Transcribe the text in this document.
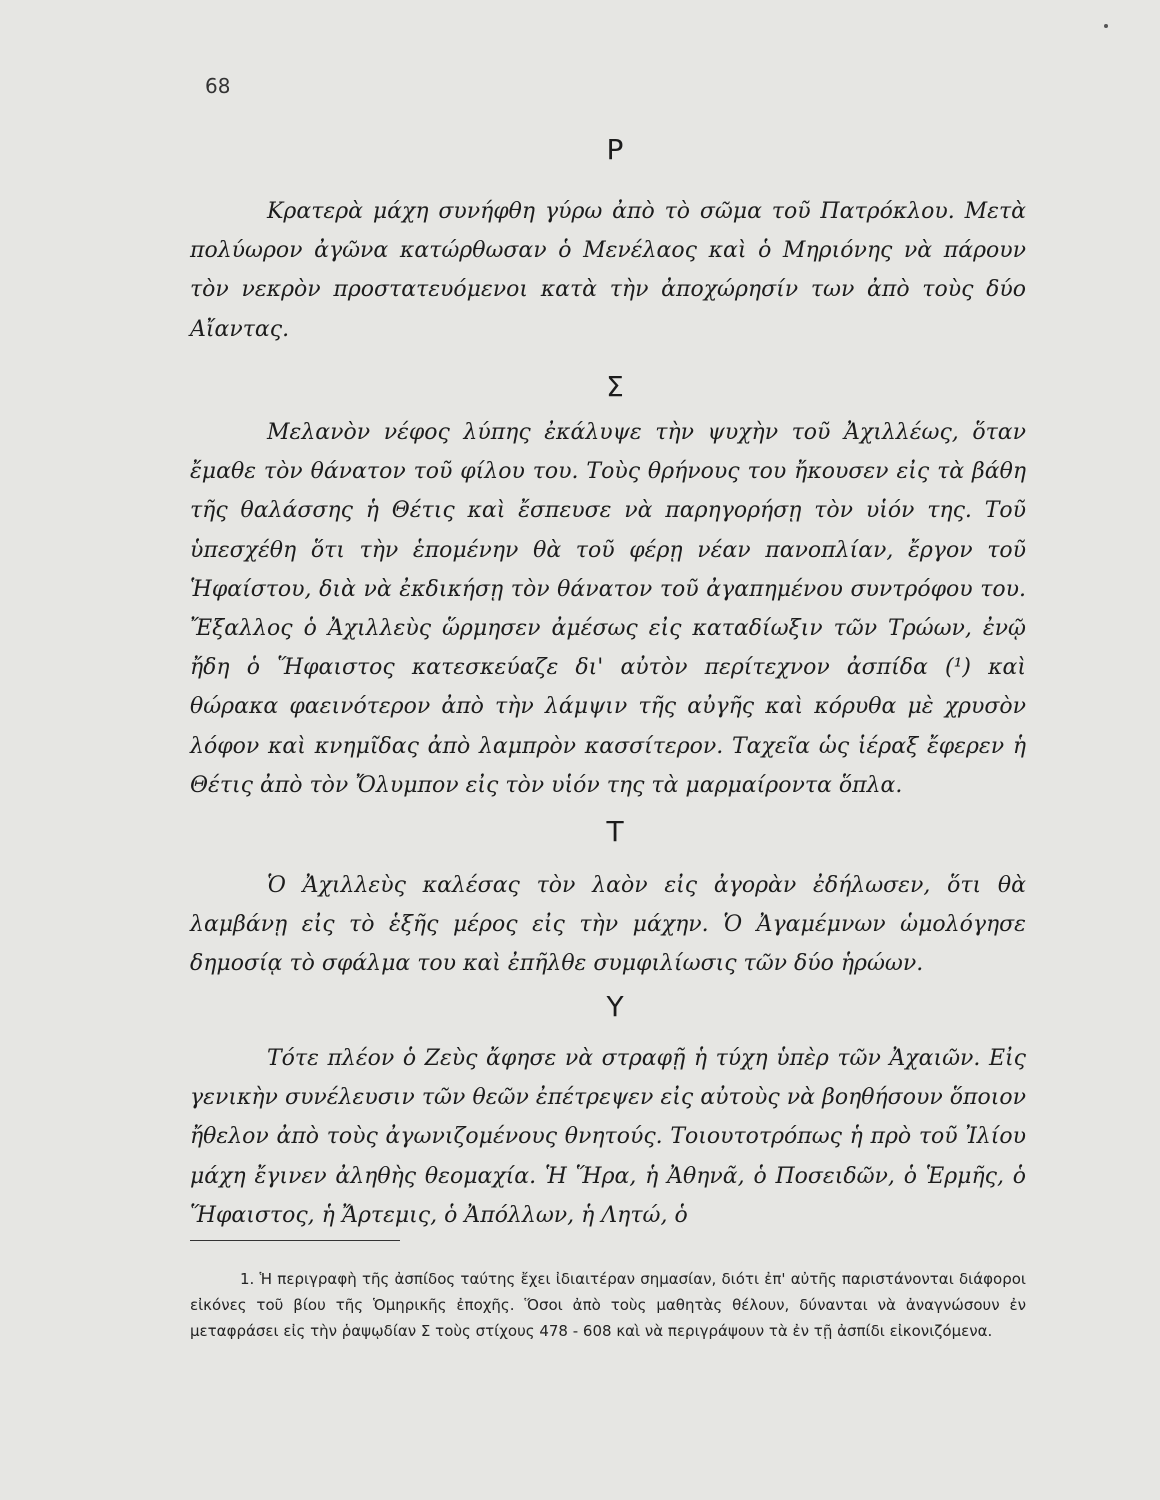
68
Ρ

Κρατερὰ μάχη συνήφθη γύρω ἀπὸ τὸ σῶμα τοῦ Πατρόκλου. Μετὰ πολύωρον ἀγῶνα κατώρθωσαν ὁ Μενέλαος καὶ ὁ Μηριόνης νὰ πάρουν τὸν νεκρὸν προστατευόμενοι κατὰ τὴν ἀποχώρησίν των ἀπὸ τοὺς δύο Αἴαντας.

Σ

Μελανὸν νέφος λύπης ἐκάλυψε τὴν ψυχὴν τοῦ Ἀχιλλέως, ὅταν ἔμαθε τὸν θάνατον τοῦ φίλου του. Τοὺς θρήνους του ἤκουσεν εἰς τὰ βάθη τῆς θαλάσσης ἡ Θέτις καὶ ἔσπευσε νὰ παρηγορήσῃ τὸν υἱόν της. Τοῦ ὑπεσχέθη ὅτι τὴν ἑπομένην θὰ τοῦ φέρῃ νέαν πανοπλίαν, ἔργον τοῦ Ἡφαίστου, διὰ νὰ ἐκδικήσῃ τὸν θάνατον τοῦ ἀγαπημένου συντρόφου του. Ἔξαλλος ὁ Ἀχιλλεὺς ὥρμησεν ἀμέσως εἰς καταδίωξιν τῶν Τρώων, ἐνῷ ἤδη ὁ Ἥφαιστος κατεσκεύαζε δι' αὐτὸν περίτεχνον ἀσπίδα (¹) καὶ θώρακα φαεινότερον ἀπὸ τὴν λάμψιν τῆς αὐγῆς καὶ κόρυθα μὲ χρυσὸν λόφον καὶ κνημῖδας ἀπὸ λαμπρὸν κασσίτερον. Ταχεῖα ὡς ἱέραξ ἔφερεν ἡ Θέτις ἀπὸ τὸν Ὄλυμπον εἰς τὸν υἱόν της τὰ μαρμαίροντα ὅπλα.

Τ

Ὁ Ἀχιλλεὺς καλέσας τὸν λαὸν εἰς ἀγορὰν ἐδήλωσεν, ὅτι θὰ λαμβάνῃ εἰς τὸ ἑξῆς μέρος εἰς τὴν μάχην. Ὁ Ἀγαμέμνων ὡμολόγησε δημοσίᾳ τὸ σφάλμα του καὶ ἐπῆλθε συμφιλίωσις τῶν δύο ἡρώων.

Υ

Τότε πλέον ὁ Ζεὺς ἄφησε νὰ στραφῇ ἡ τύχη ὑπὲρ τῶν Ἀχαιῶν. Εἰς γενικὴν συνέλευσιν τῶν θεῶν ἐπέτρεψεν εἰς αὐτοὺς νὰ βοηθήσουν ὅποιον ἤθελον ἀπὸ τοὺς ἀγωνιζομένους θνητούς. Τοιουτοτρόπως ἡ πρὸ τοῦ Ἰλίου μάχη ἔγινεν ἀληθὴς θεομαχία. Ἡ Ἥρα, ἡ Ἀθηνᾶ, ὁ Ποσειδῶν, ὁ Ἑρμῆς, ὁ Ἥφαιστος, ἡ Ἄρτεμις, ὁ Ἀπόλλων, ἡ Λητώ, ὁ

1. Ἡ περιγραφὴ τῆς ἀσπίδος ταύτης ἔχει ἰδιαιτέραν σημασίαν, διότι ἐπ' αὐτῆς παριστάνονται διάφοροι εἰκόνες τοῦ βίου τῆς Ὁμηρικῆς ἐποχῆς. Ὅσοι ἀπὸ τοὺς μαθητὰς θέλουν, δύνανται νὰ ἀναγνώσουν ἐν μεταφράσει εἰς τὴν ῥαψῳδίαν Σ τοὺς στίχους 478 - 608 καὶ νὰ περιγράψουν τὰ ἐν τῇ ἀσπίδι εἰκονιζόμενα.
